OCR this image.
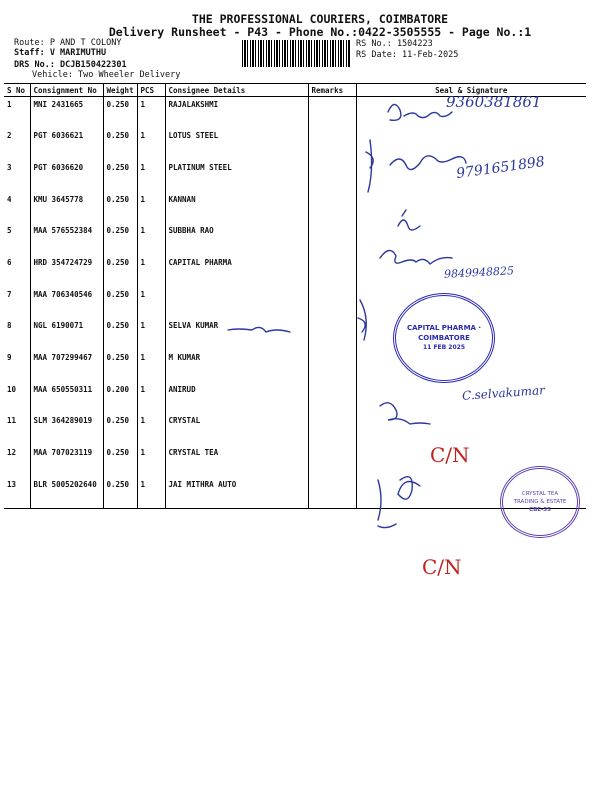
THE PROFESSIONAL COURIERS, COIMBATORE
Delivery Runsheet - P43 - Phone No.:0422-3505555 - Page No.:1
Route: P AND T COLONY
Staff: V MARIMUTHU
DRS No.: DCJB150422301
Vehicle: Two Wheeler Delivery
RS No.: 1504223
RS Date: 11-Feb-2025
S No	Consignment No	Weight	PCS	Consignee Details	Remarks	Seal & Signature
1	MNI 2431665	0.250	1	RAJALAKSHMI		
2	PGT 6036621	0.250	1	LOTUS STEEL		
3	PGT 6036620	0.250	1	PLATINUM STEEL		
4	KMU 3645778	0.250	1	KANNAN		
5	MAA 576552384	0.250	1	SUBBHA RAO		
6	HRD 354724729	0.250	1	CAPITAL PHARMA		
7	MAA 706340546	0.250	1			
8	NGL 6190071	0.250	1	SELVA KUMAR		
9	MAA 707299467	0.250	1	M KUMAR		
10	MAA 650550311	0.200	1	ANIRUD		
11	SLM 364289019	0.250	1	CRYSTAL		
12	MAA 707023119	0.250	1	CRYSTAL TEA		
13	BLR 5005202640	0.250	1	JAI MITHRA AUTO		
9360381861
9791651898
9849948825
C.selvakumar
C/N
C/N
CAPITAL PHARMA · COIMBATORE
11 FEB 2025
CRYSTAL TEA TRADING & ESTATE
CBE-35
